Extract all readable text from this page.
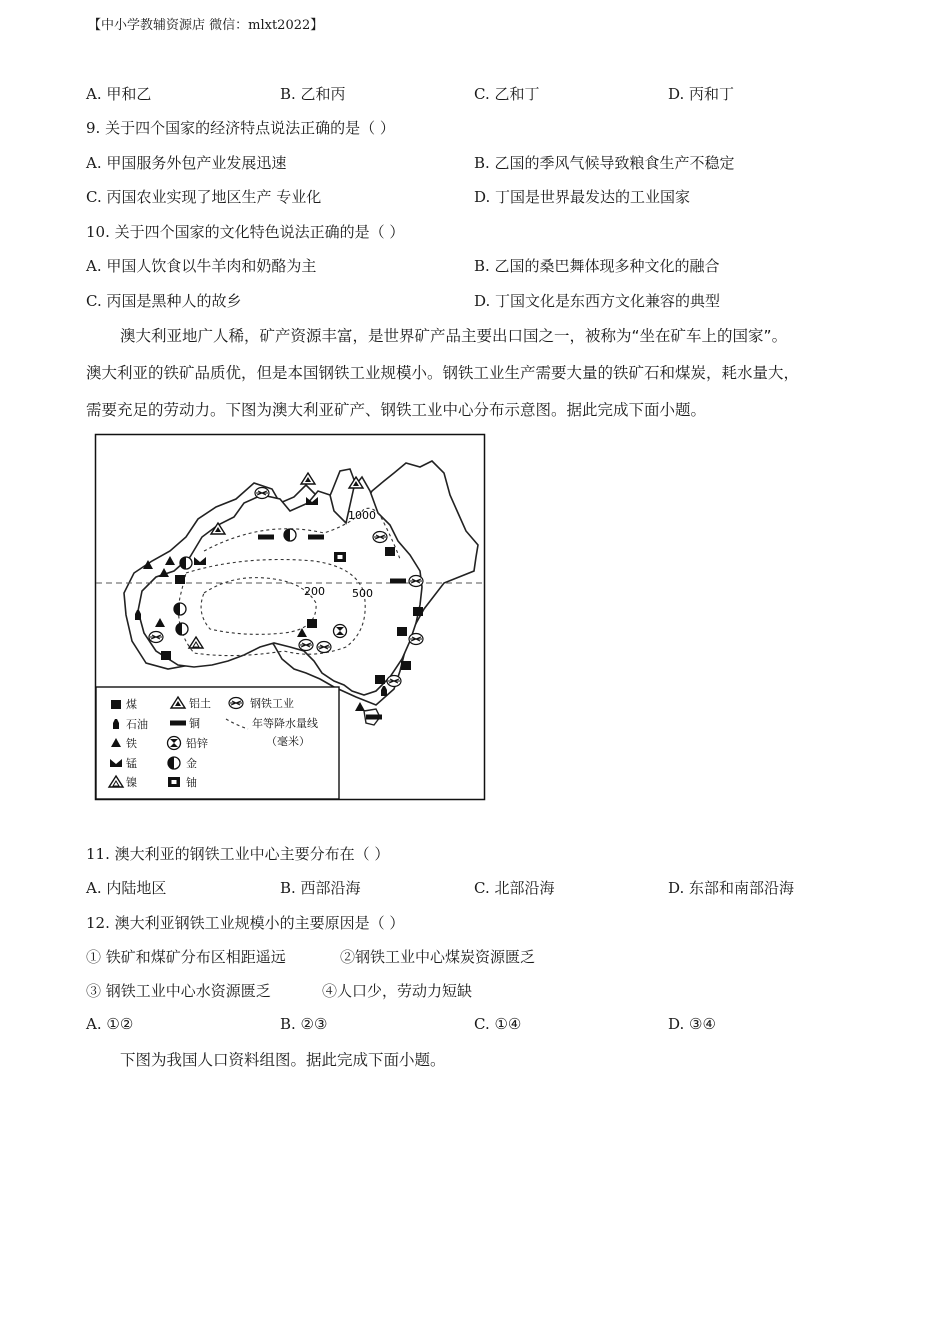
【中小学教辅资源店 微信：mlxt2022】
A. 甲和乙	B. 乙和丙	C. 乙和丁	D. 丙和丁
9. 关于四个国家的经济特点说法正确的是（ ）
A. 甲国服务外包产业发展迅速	B. 乙国的季风气候导致粮食生产不稳定
C. 丙国农业实现了地区生产 专业化	D. 丁国是世界最发达的工业国家
10. 关于四个国家的文化特色说法正确的是（ ）
A. 甲国人饮食以牛羊肉和奶酪为主	B. 乙国的桑巴舞体现多种文化的融合
C. 丙国是黑种人的故乡	D. 丁国文化是东西方文化兼容的典型
澳大利亚地广人稀，矿产资源丰富，是世界矿产品主要出口国之一，被称为“坐在矿车上的国家”。
澳大利亚的铁矿品质优，但是本国钢铁工业规模小。钢铁工业生产需要大量的铁矿石和煤炭，耗水量大，
需要充足的劳动力。下图为澳大利亚矿产、钢铁工业中心分布示意图。据此完成下面小题。
1000
200 500
煤	铝土	钢铁工业
石油	铜	年等降水量线
（毫米）
铁	铅锌
锰	金
镍	铀
11. 澳大利亚的钢铁工业中心主要分布在（ ）
A. 内陆地区	B. 西部沿海	C. 北部沿海	D. 东部和南部沿海
12. 澳大利亚钢铁工业规模小的主要原因是（ ）
① 铁矿和煤矿分布区相距遥远	②钢铁工业中心煤炭资源匮乏
③ 钢铁工业中心水资源匮乏	④人口少，劳动力短缺
A. ①②	B. ②③	C. ①④	D. ③④
下图为我国人口资料组图。据此完成下面小题。
